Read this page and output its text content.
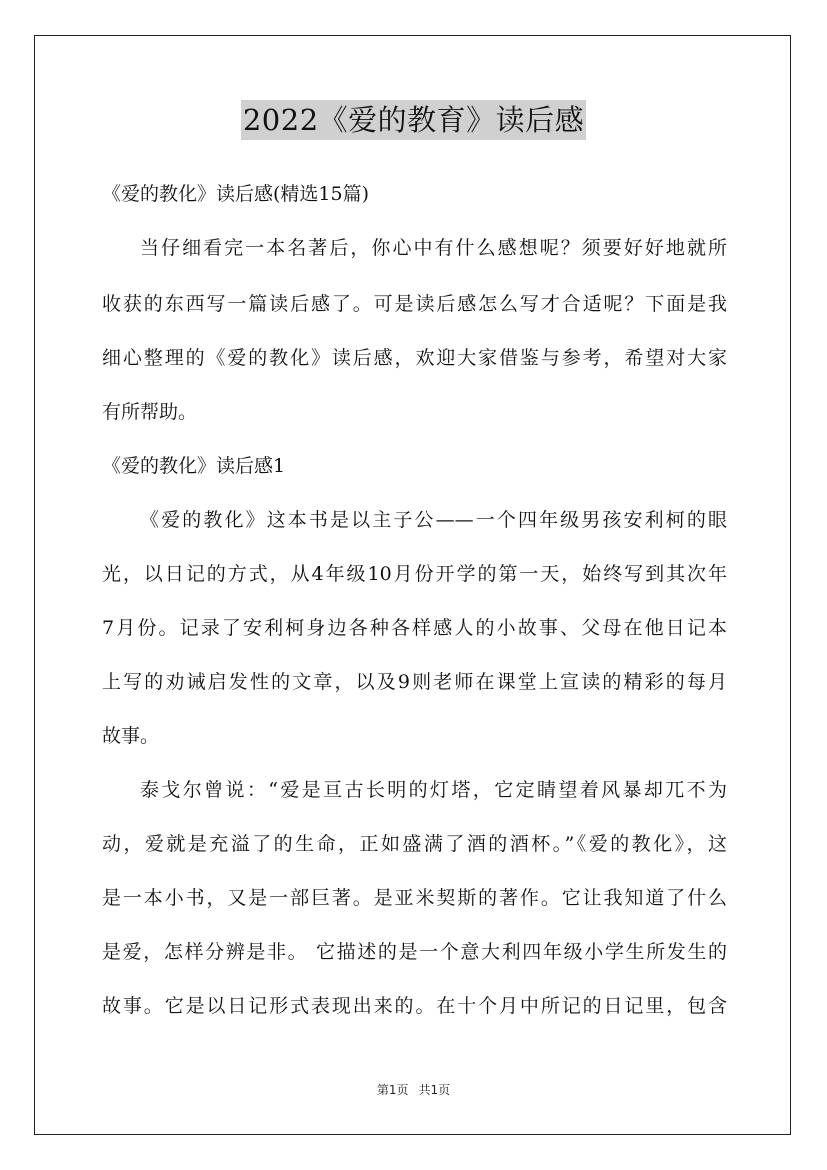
2022《爱的教育》读后感
《爱的教化》读后感(精选15篇)
当仔细看完一本名著后，你心中有什么感想呢？须要好好地就所
收获的东西写一篇读后感了。可是读后感怎么写才合适呢？下面是我
细心整理的《爱的教化》读后感，欢迎大家借鉴与参考，希望对大家
有所帮助。
《爱的教化》读后感1
《爱的教化》这本书是以主子公——一个四年级男孩安利柯的眼
光，以日记的方式，从4年级10月份开学的第一天，始终写到其次年
7月份。记录了安利柯身边各种各样感人的小故事、父母在他日记本
上写的劝诫启发性的文章，以及9则老师在课堂上宣读的精彩的每月
故事。
泰戈尔曾说：“爱是亘古长明的灯塔，它定睛望着风暴却兀不为
动，爱就是充溢了的生命，正如盛满了酒的酒杯。”《爱的教化》，这
是一本小书，又是一部巨著。是亚米契斯的著作。它让我知道了什么
是爱，怎样分辨是非。 它描述的是一个意大利四年级小学生所发生的
故事。它是以日记形式表现出来的。在十个月中所记的日记里，包含
第1页 共1页
